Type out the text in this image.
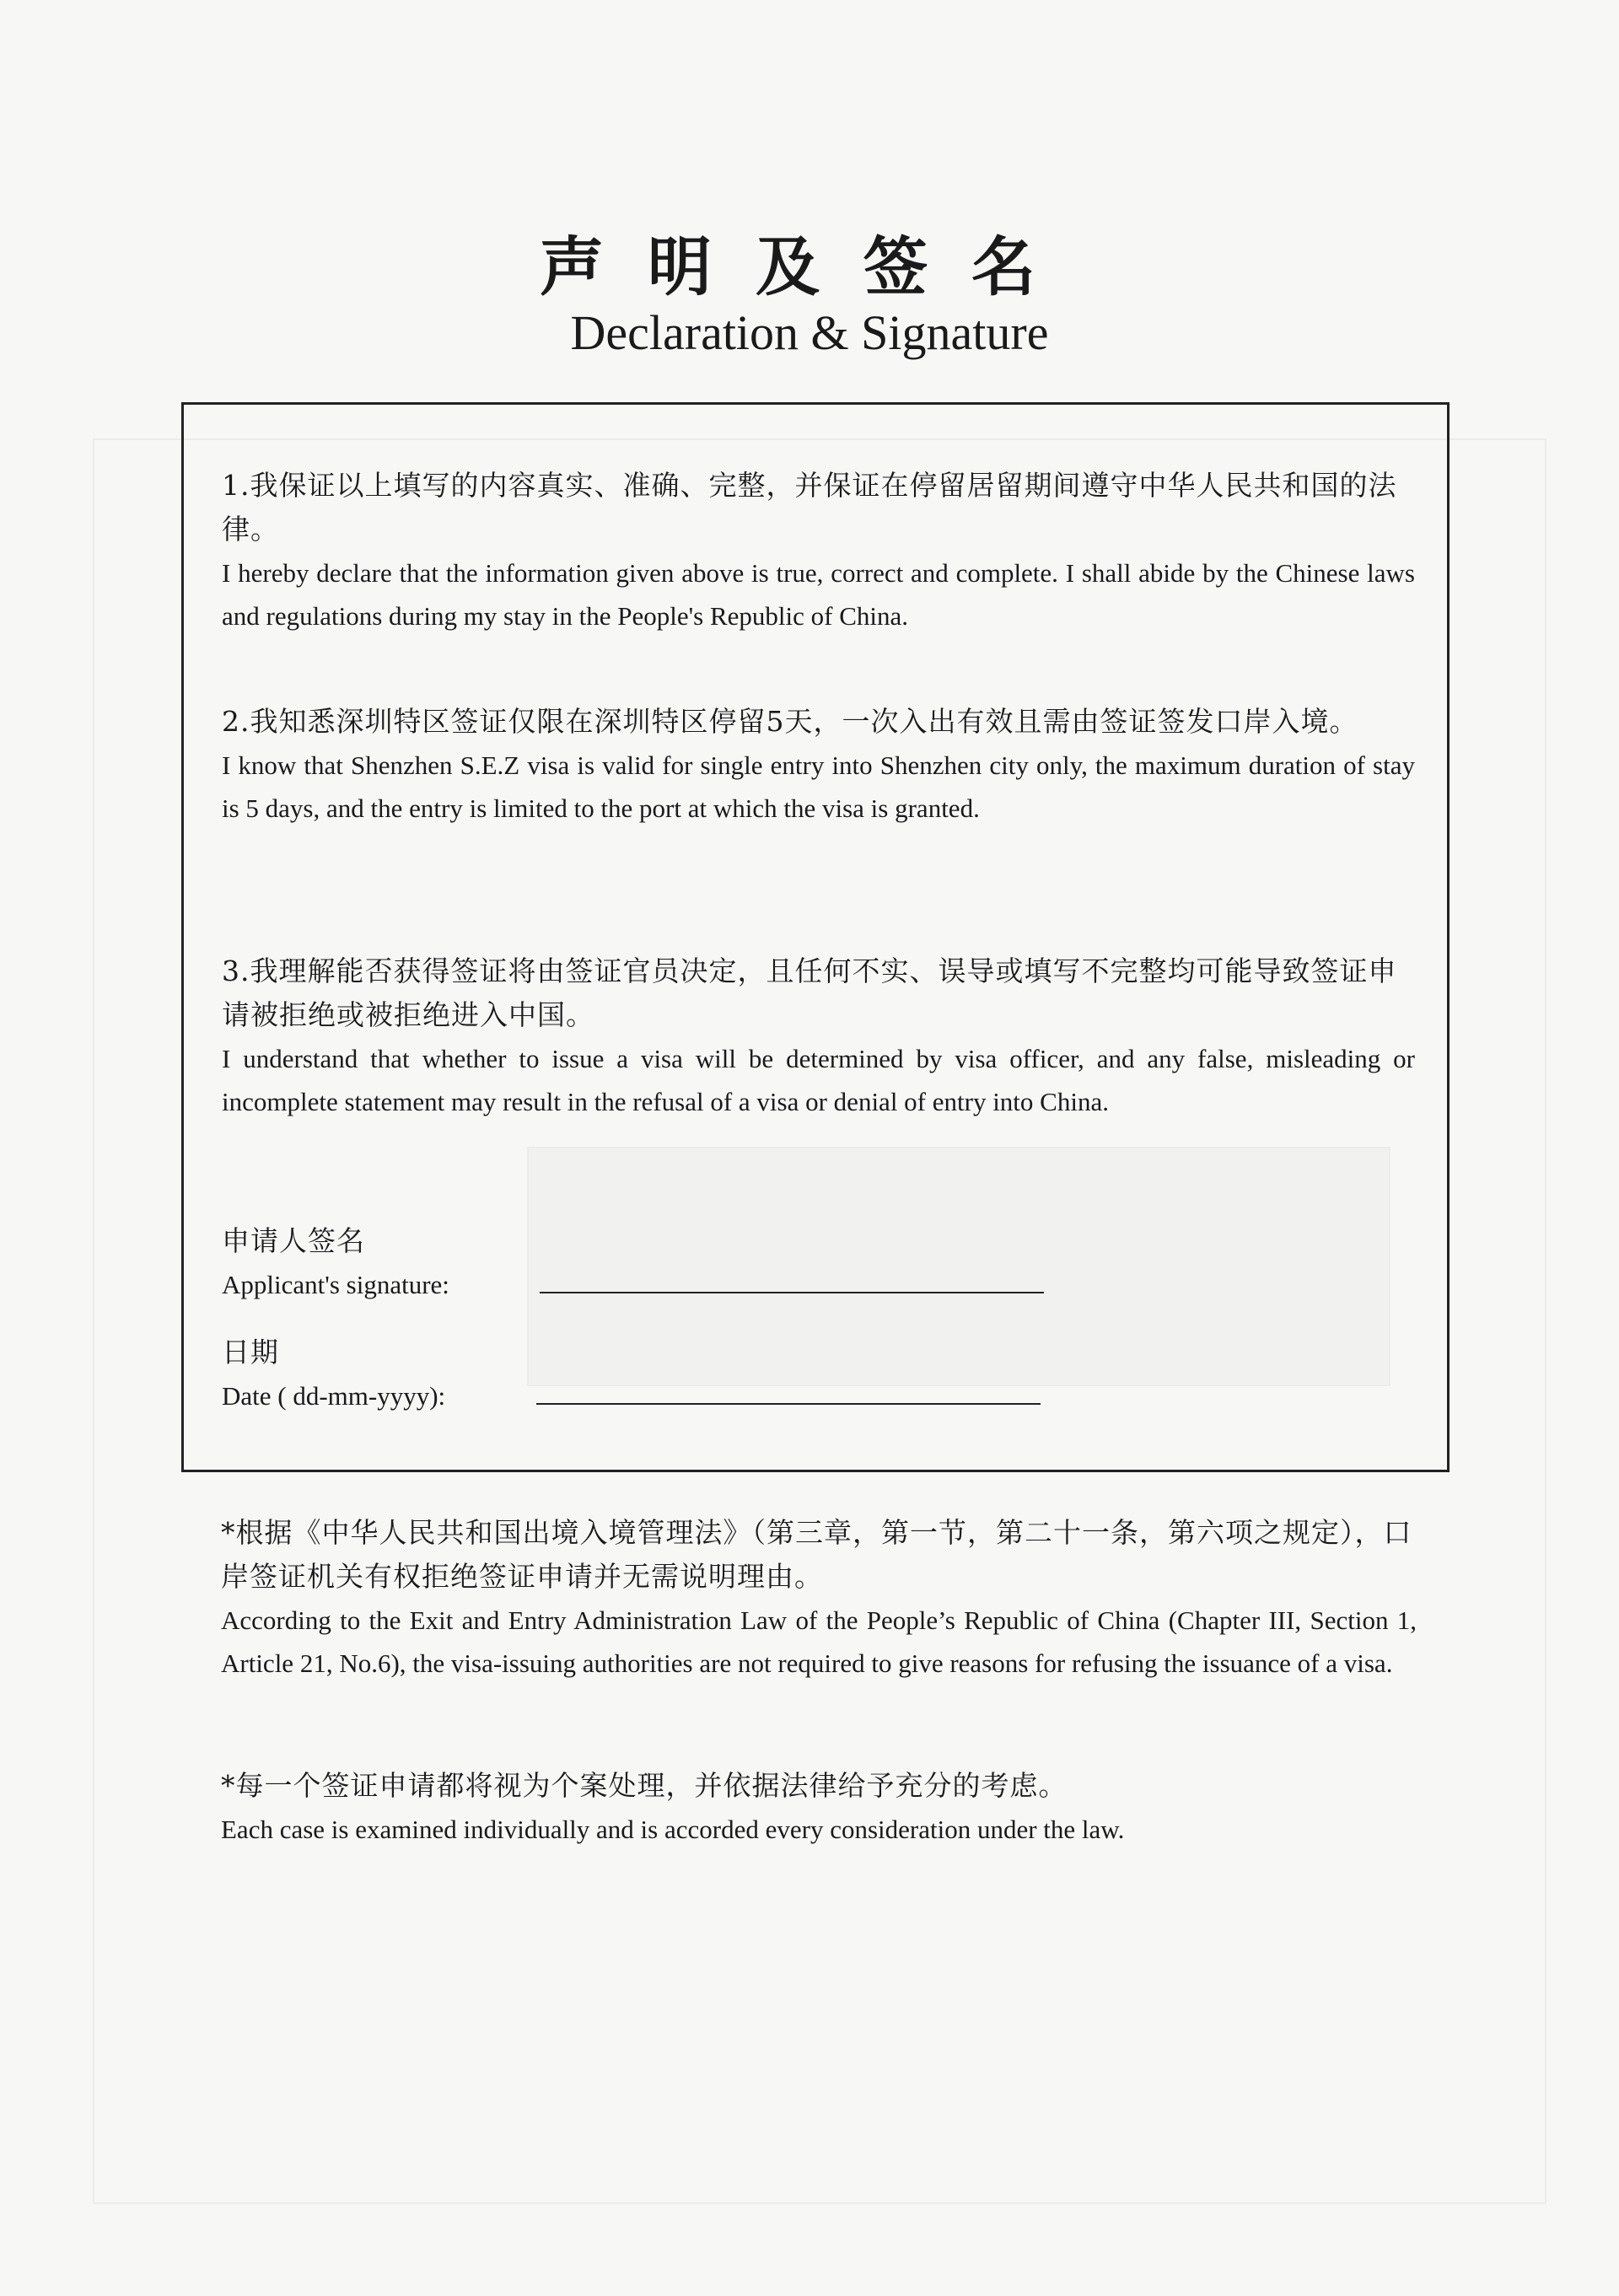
声明及签名
Declaration & Signature

1.我保证以上填写的内容真实、准确、完整，并保证在停留居留期间遵守中华人民共和国的法律。

I hereby declare that the information given above is true, correct and complete. I shall abide by the Chinese laws and regulations during my stay in the People's Republic of China.

2.我知悉深圳特区签证仅限在深圳特区停留5天，一次入出有效且需由签证签发口岸入境。

I know that Shenzhen S.E.Z visa is valid for single entry into Shenzhen city only, the maximum duration of stay is 5 days, and the entry is limited to the port at which the visa is granted.

3.我理解能否获得签证将由签证官员决定，且任何不实、误导或填写不完整均可能导致签证申请被拒绝或被拒绝进入中国。

I understand that whether to issue a visa will be determined by visa officer, and any false, misleading or incomplete statement may result in the refusal of a visa or denial of entry into China.

申请人签名

Applicant's signature:

日期

Date ( dd-mm-yyyy):

*根据《中华人民共和国出境入境管理法》（第三章，第一节，第二十一条，第六项之规定），口岸签证机关有权拒绝签证申请并无需说明理由。

According to the Exit and Entry Administration Law of the People’s Republic of China (Chapter III, Section 1, Article 21, No.6), the visa-issuing authorities are not required to give reasons for refusing the issuance of a visa.

*每一个签证申请都将视为个案处理，并依据法律给予充分的考虑。

Each case is examined individually and is accorded every consideration under the law.
